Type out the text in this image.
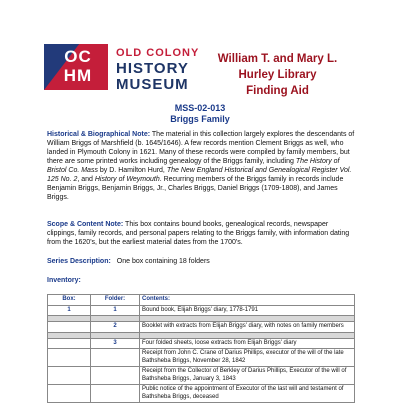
OC
HM
OLD COLONY
HISTORY
MUSEUM
William T. and Mary L.
Hurley Library
Finding Aid
MSS-02-013
Briggs Family
Historical & Biographical Note: The material in this collection largely explores the descendants of William Briggs of Marshfield (b. 1645/1646). A few records mention Clement Briggs as well, who landed in Plymouth Colony in 1621. Many of these records were compiled by family members, but there are some printed works including genealogy of the Briggs family, including The History of Bristol Co. Mass by D. Hamilton Hurd, The New England Historical and Genealogical Register Vol. 125 No. 2, and History of Weymouth. Recurring members of the Briggs family in records include Benjamin Briggs, Benjamin Briggs, Jr., Charles Briggs, Daniel Briggs (1709-1808), and James Briggs.
Scope & Content Note: This box contains bound books, genealogical records, newspaper clippings, family records, and personal papers relating to the Briggs family, with information dating from the 1620's, but the earliest material dates from the 1700's.
Series Description: One box containing 18 folders
Inventory:
Box:	Folder:	Contents:
1	1	Bound book, Elijah Briggs' diary, 1778-1791

	2	Booklet with extracts from Elijah Briggs' diary, with notes on family members

	3	Four folded sheets, loose extracts from Elijah Briggs' diary
		Receipt from John C. Crane of Darius Phillips, executor of the will of the late Bathsheba Briggs, November 28, 1842
		Receipt from the Collector of Berkley of Darius Phillips, Executor of the will of Bathsheba Briggs, January 3, 1843
		Public notice of the appointment of Executor of the last will and testament of Bathsheba Briggs, deceased
